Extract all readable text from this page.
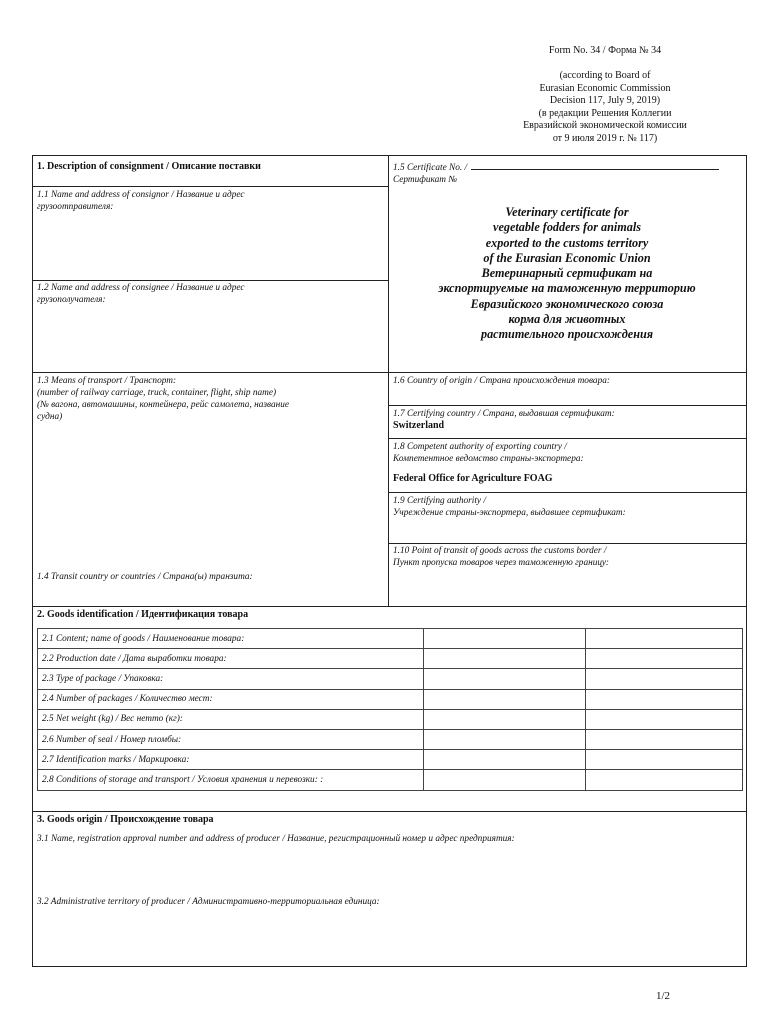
Form No. 34 / Форма № 34
(according to Board of
Eurasian Economic Commission
Decision 117, July 9, 2019)
(в редакции Решения Коллегии
Евразийской экономической комиссии
от 9 июля 2019 г. № 117)
1. Description of consignment / Описание поставки
1.1 Name and address of consignor / Название и адрес
грузоотправителя:
1.2 Name and address of consignee / Название и адрес
грузополучателя:
1.3 Means of transport / Транспорт:
(number of railway carriage, truck, container, flight, ship name)
(№ вагона, автомашины, контейнера, рейс самолета, название
судна)
1.4 Transit country or countries / Страна(ы) транзита:
1.5 Certificate No. /
Сертификат №
Veterinary certificate for
vegetable fodders for animals
exported to the customs territory
of the Eurasian Economic Union
Ветеринарный сертификат на
экспортируемые на таможенную территорию
Евразийского экономического союза
корма для животных
растительного происхождения
1.6 Country of origin / Страна происхождения товара:
1.7 Certifying country / Страна, выдавшая сертификат:
Switzerland
1.8 Competent authority of exporting country /
Компетентное ведомство страны-экспортера:
Federal Office for Agriculture FOAG
1.9 Certifying authority /
Учреждение страны-экспортера, выдавшее сертификат:
1.10 Point of transit of goods across the customs border /
Пункт пропуска товаров через таможенную границу:
2. Goods identification / Идентификация товара
2.1 Content; name of goods / Наименование товара:		
2.2 Production date / Дата выработки товара:		
2.3 Type of package / Упаковка:		
2.4 Number of packages / Количество мест:		
2.5 Net weight (kg) / Вес нетто (кг):		
2.6 Number of seal / Номер пломбы:		
2.7 Identification marks / Маркировка:		
2.8 Conditions of storage and transport / Условия хранения и перевозки: :		
3. Goods origin / Происхождение товара
3.1 Name, registration approval number and address of producer / Название, регистрационный номер и адрес предприятия:
3.2 Administrative territory of producer / Административно-территориальная единица:
1/2
